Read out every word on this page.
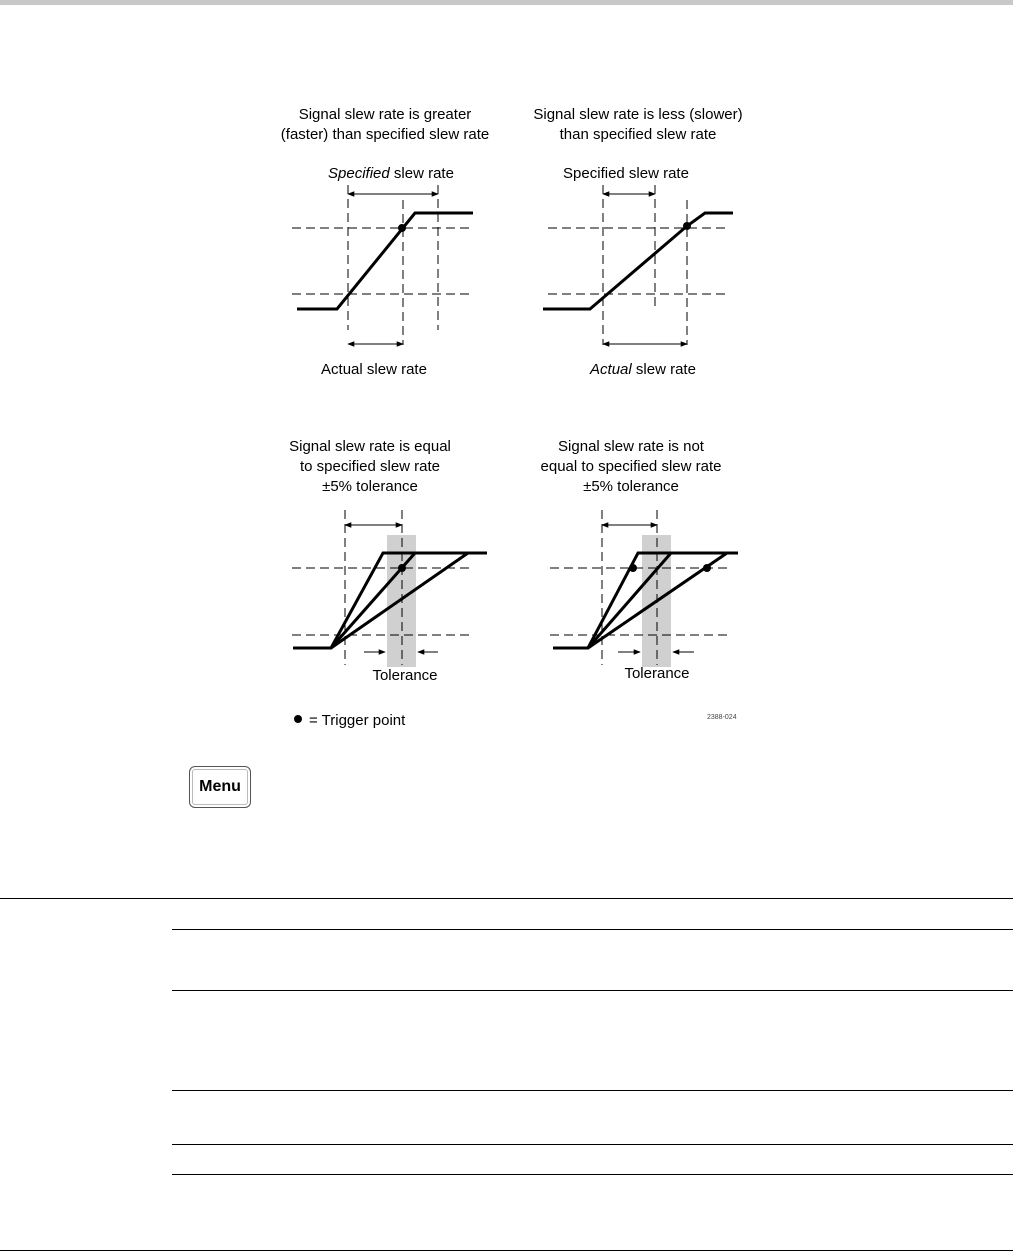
Signal slew rate is greater
(faster) than specified slew rate
Specified slew rate
Actual slew rate
Signal slew rate is less (slower)
than specified slew rate
Specified slew rate
Actual slew rate
Signal slew rate is equal
to specified slew rate
±5% tolerance
Tolerance
Signal slew rate is not
equal to specified slew rate
±5% tolerance
Tolerance
= Trigger point	2388-024
Menu
